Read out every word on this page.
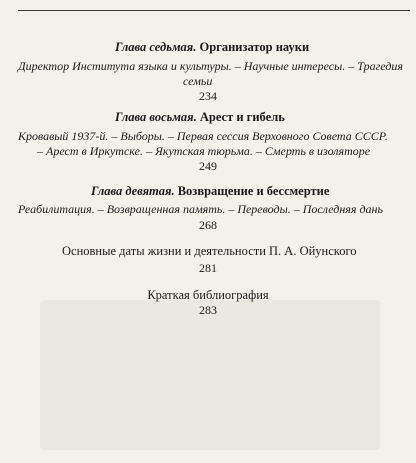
Глава седьмая. Организатор науки
Директор Института языка и культуры. – Научные интересы. – Трагедия
семьи
234
Глава восьмая. Арест и гибель
Кровавый 1937-й. – Выборы. – Первая сессия Верховного Совета СССР.
– Арест в Иркутске. – Якутская тюрьма. – Смерть в изоляторе
249
Глава девятая. Возвращение и бессмертие
Реабилитация. – Возвращенная память. – Переводы. – Последняя дань
268
Основные даты жизни и деятельности П. А. Ойунского
281
Краткая библиография
283
